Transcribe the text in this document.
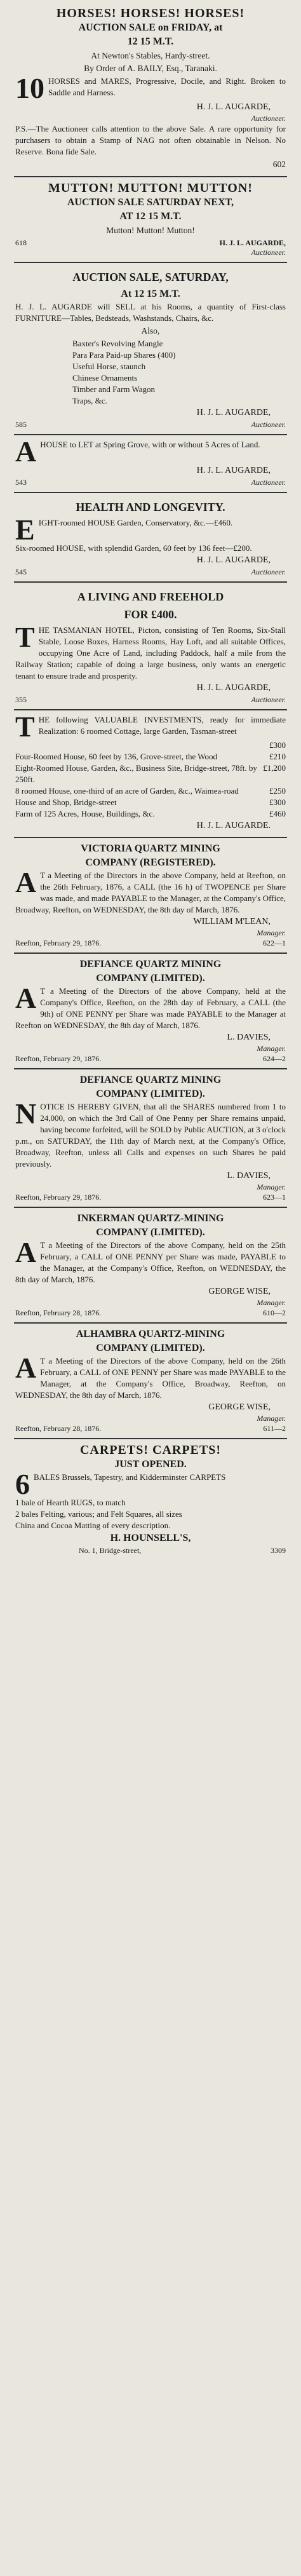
HORSES! HORSES! HORSES!
AUCTION SALE on FRIDAY, at
12 15 M.T.
At Newton's Stables, Hardy-street.
By Order of A. BAILY, Esq., Taranaki.
10 HORSES and MARES, Progressive, Docile, and Right. Broken to Saddle and Harness.
H. J. L. AUGARDE,
Auctioneer.
P.S.—The Auctioneer calls attention to the above Sale. A rare opportunity for purchasers to obtain a Stamp of NAG not often obtainable in Nelson. No Reserve. Bona fide Sale.
602
MUTTON! MUTTON! MUTTON!
AUCTION SALE SATURDAY NEXT,
AT 12 15 M.T.
Mutton! Mutton! Mutton!
618	H. J. L. AUGARDE,
Auctioneer.
AUCTION SALE, SATURDAY,
At 12 15 M.T.
H. J. L. AUGARDE will SELL at his Rooms, a quantity of First-class FURNITURE—Tables, Bedsteads, Washstands, Chairs, &c.
Also,
Baxter's Revolving Mangle
Para Para Paid-up Shares (400)
Useful Horse, staunch
Chinese Ornaments
Timber and Farm Wagon
Traps, &c.
H. J. L. AUGARDE,
585	Auctioneer.
A HOUSE to LET at Spring Grove, with or without 5 Acres of Land.
H. J. L. AUGARDE,
543	Auctioneer.
HEALTH AND LONGEVITY.
E IGHT-roomed HOUSE Garden, Conservatory, &c.—£460.
Six-roomed HOUSE, with splendid Garden, 60 feet by 136 feet—£200.
H. J. L. AUGARDE,
545	Auctioneer.
A LIVING AND FREEHOLD
FOR £400.
T HE TASMANIAN HOTEL, Picton, consisting of Ten Rooms, Six-Stall Stable, Loose Boxes, Harness Rooms, Hay Loft, and all suitable Offices, occupying One Acre of Land, including Paddock, half a mile from the Railway Station; capable of doing a large business, only wants an energetic tenant to ensure trade and prosperity.
H. J. L. AUGARDE,
355	Auctioneer.
T HE following VALUABLE INVESTMENTS, ready for immediate Realization: 6 roomed Cottage, large Garden, Tasman-street
£300
Four-Roomed House, 60 feet by 136, Grove-street, the Wood	£210
Eight-Roomed House, Garden, &c., Business Site, Bridge-street, 78ft. by 250ft.
£1,200
8 roomed House, one-third of an acre of Garden, &c., Waimea-road	£250
House and Shop, Bridge-street	£300
Farm of 125 Acres, House, Buildings, &c.	£460
H. J. L. AUGARDE.
VICTORIA QUARTZ MINING
COMPANY (REGISTERED).
A T a Meeting of the Directors in the above Company, held at Reefton, on the 26th February, 1876, a CALL (the 16 h) of TWOPENCE per Share was made, and made PAYABLE to the Manager, at the Company's Office, Broadway, Reefton, on WEDNESDAY, the 8th day of March, 1876.
WILLIAM M'LEAN,
Manager.
Reefton, February 29, 1876.	622—1
DEFIANCE QUARTZ MINING
COMPANY (LIMITED).
A T a Meeting of the Directors of the above Company, held at the Company's Office, Reefton, on the 28th day of February, a CALL (the 9th) of ONE PENNY per Share was made PAYABLE to the Manager at Reefton on WEDNESDAY, the 8th day of March, 1876.
L. DAVIES,
Manager.
Reefton, February 29, 1876.	624—2
DEFIANCE QUARTZ MINING
COMPANY (LIMITED).
N OTICE IS HEREBY GIVEN, that all the SHARES numbered from 1 to 24,000, on which the 3rd Call of One Penny per Share remains unpaid, having become forfeited, will be SOLD by Public AUCTION, at 3 o'clock p.m., on SATURDAY, the 11th day of March next, at the Company's Office, Broadway, Reefton, unless all Calls and expenses on such Shares be paid previously.
L. DAVIES,
Manager.
Reefton, February 29, 1876.	623—1
INKERMAN QUARTZ-MINING
COMPANY (LIMITED).
A T a Meeting of the Directors of the above Company, held on the 25th February, a CALL of ONE PENNY per Share was made, PAYABLE to the Manager, at the Company's Office, Reefton, on WEDNESDAY, the 8th day of March, 1876.
GEORGE WISE,
Manager.
Reefton, February 28, 1876.	610—2
ALHAMBRA QUARTZ-MINING
COMPANY (LIMITED).
A T a Meeting of the Directors of the above Company, held on the 26th February, a CALL of ONE PENNY per Share was made PAYABLE to the Manager, at the Company's Office, Broadway, Reefton, on WEDNESDAY, the 8th day of March, 1876.
GEORGE WISE,
Manager.
Reefton, February 28, 1876.	611—2
CARPETS! CARPETS!
JUST OPENED.
6 BALES Brussels, Tapestry, and Kidderminster CARPETS
1 bale of Hearth RUGS, to match
2 bales Felting, various; and Felt Squares, all sizes
China and Cocoa Matting of every description.
H. HOUNSELL'S,
No. 1, Bridge-street,	3309
